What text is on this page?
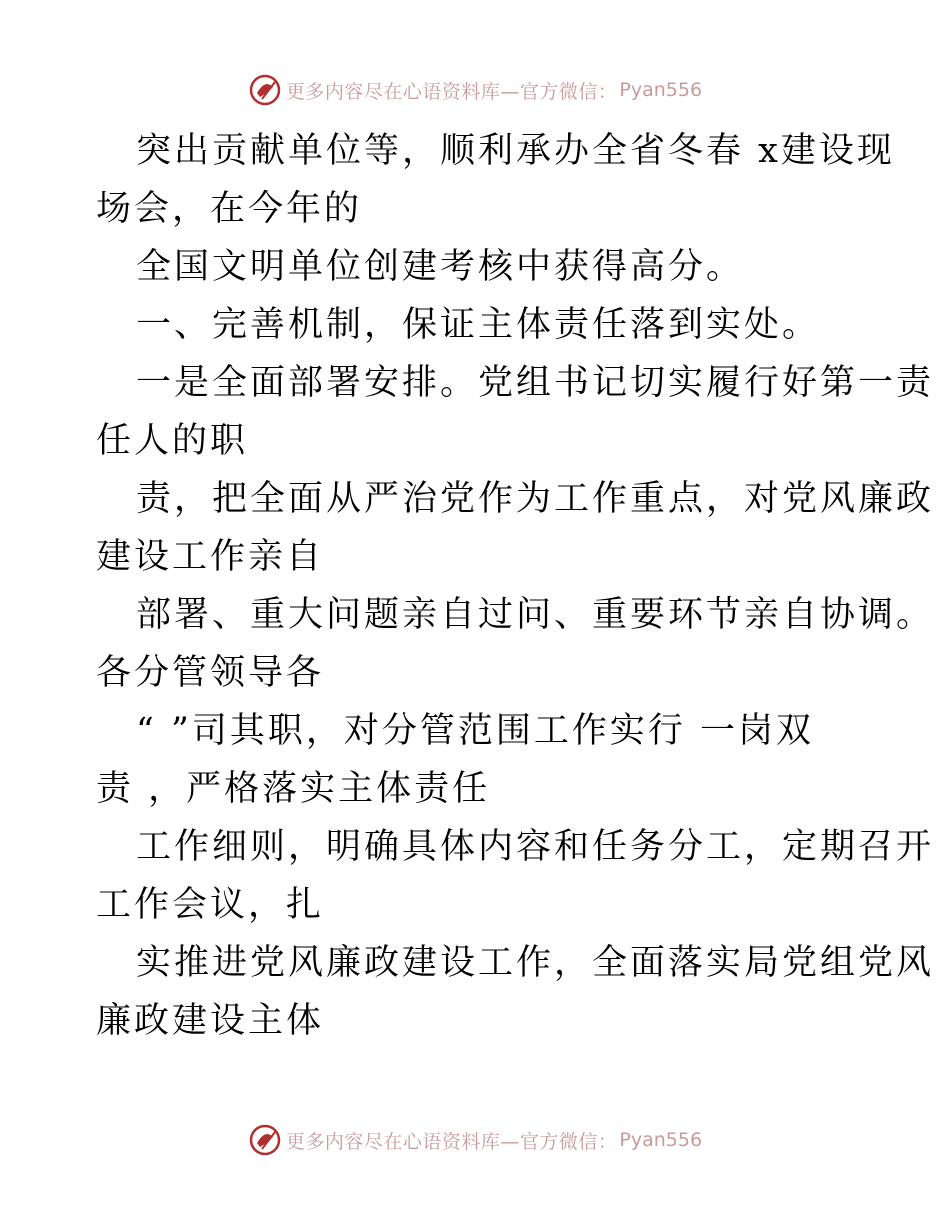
更多内容尽在心语资料库—官方微信： Pyan556
突出贡献单位等，顺利承办全省冬春 x建设现
场会，在今年的
全国文明单位创建考核中获得高分。
一、完善机制，保证主体责任落到实处。
一是全面部署安排。党组书记切实履行好第一责
任人的职
责，把全面从严治党作为工作重点，对党风廉政
建设工作亲自
部署、重大问题亲自过问、重要环节亲自协调。
各分管领导各
“ ”司其职，对分管范围工作实行 一岗双
责 ，严格落实主体责任
工作细则，明确具体内容和任务分工，定期召开
工作会议，扎
实推进党风廉政建设工作，全面落实局党组党风
廉政建设主体
更多内容尽在心语资料库—官方微信： Pyan556
